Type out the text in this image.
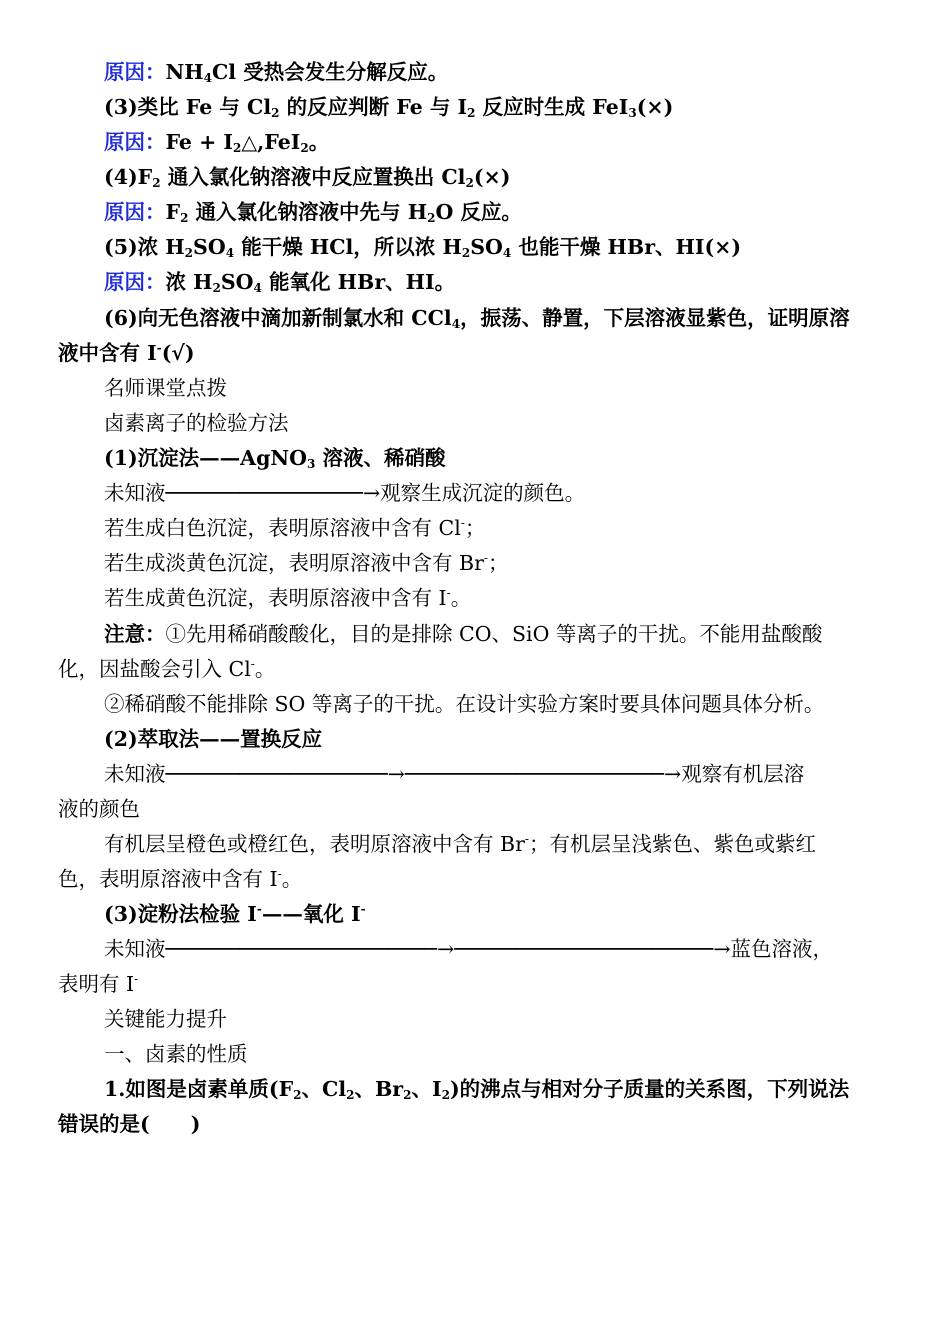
原因：$NH_4Cl$ 受热会发生分解反应。
(3)类比 Fe 与 $Cl_2$ 的反应判断 Fe 与 $I_2$ 反应时生成 FeI$_3$(×)
原因：$Fe + I_2\triangle,FeI_2$。
$(4)F_2$ 通入氯化钠溶液中反应置换出 $Cl_2(\times)$
原因：$F_2$ 通入氯化钠溶液中先与 $H_2O$ 反应。
(5)浓 $H_2SO_4$ 能干燥 HCl，所以浓 $H_2SO_4$ 也能干燥 HBr、HI(×)
原因：浓 $H_2SO_4$ 能氧化 HBr、HI。
(6)向无色溶液中滴加新制氯水和 CCl$_4$，振荡、静置，下层溶液显紫色，证明原溶
液中含有 I-(√)
名师课堂点拨
卤素离子的检验方法
(1)沉淀法——AgNO$_3$ 溶液、稀硝酸
未知液────────────────→观察生成沉淀的颜色。
若生成白色沉淀，表明原溶液中含有 Cl-；
若生成淡黄色沉淀，表明原溶液中含有 Br-；
若生成黄色沉淀，表明原溶液中含有 I-。
注意：①先用稀硝酸酸化，目的是排除 CO、SiO 等离子的干扰。不能用盐酸酸
化，因盐酸会引入 Cl-。
②稀硝酸不能排除 SO 等离子的干扰。在设计实验方案时要具体问题具体分析。
(2)萃取法——置换反应
未知液──────────────────→─────────────────────→观察有机层溶
液的颜色
有机层呈橙色或橙红色，表明原溶液中含有 Br-；有机层呈浅紫色、紫色或紫红
色，表明原溶液中含有 I-。
(3)淀粉法检验 I-——氧化 I-
未知液──────────────────────→─────────────────────→蓝色溶液，
表明有 I-
关键能力提升
一、卤素的性质
1.如图是卤素单质($F_2$、$Cl_2$、$Br_2$、$I_2$)的沸点与相对分子质量的关系图，下列说法
错误的是(　　)
